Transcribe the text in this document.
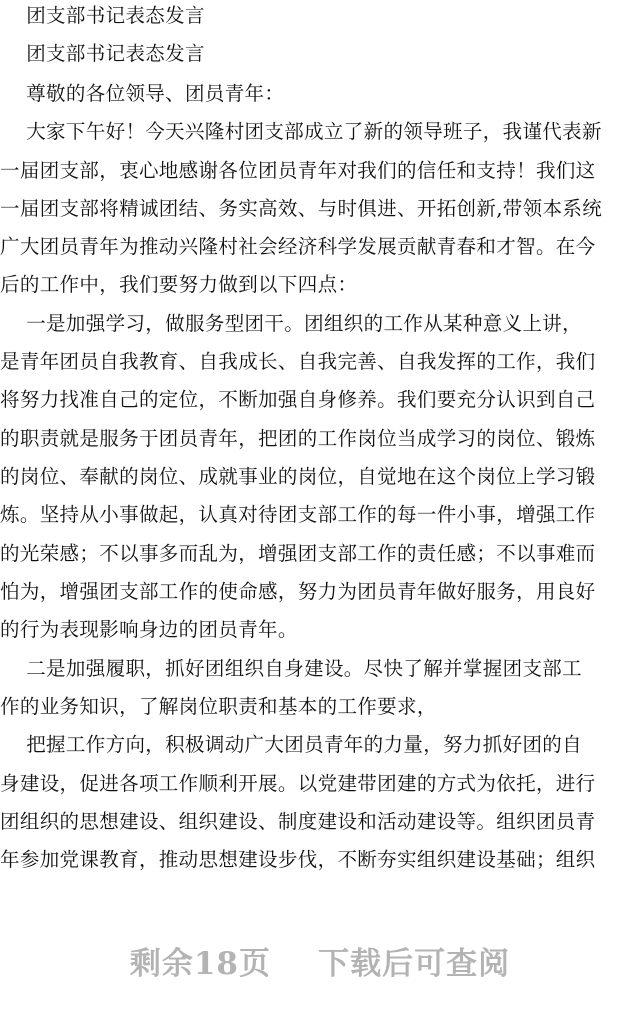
团支部书记表态发言

团支部书记表态发言

尊敬的各位领导、团员青年：

大家下午好！今天兴隆村团支部成立了新的领导班子，我谨代表新

一届团支部，衷心地感谢各位团员青年对我们的信任和支持！我们这

一届团支部将精诚团结、务实高效、与时俱进、开拓创新,带领本系统

广大团员青年为推动兴隆村社会经济科学发展贡献青春和才智。在今

后的工作中，我们要努力做到以下四点：

一是加强学习，做服务型团干。团组织的工作从某种意义上讲，

是青年团员自我教育、自我成长、自我完善、自我发挥的工作，我们

将努力找准自己的定位，不断加强自身修养。我们要充分认识到自己

的职责就是服务于团员青年，把团的工作岗位当成学习的岗位、锻炼

的岗位、奉献的岗位、成就事业的岗位，自觉地在这个岗位上学习锻

炼。坚持从小事做起，认真对待团支部工作的每一件小事，增强工作

的光荣感；不以事多而乱为，增强团支部工作的责任感；不以事难而

怕为，增强团支部工作的使命感，努力为团员青年做好服务，用良好

的行为表现影响身边的团员青年。

二是加强履职，抓好团组织自身建设。尽快了解并掌握团支部工

作的业务知识，了解岗位职责和基本的工作要求，

把握工作方向，积极调动广大团员青年的力量，努力抓好团的自

身建设，促进各项工作顺利开展。以党建带团建的方式为依托，进行

团组织的思想建设、组织建设、制度建设和活动建设等。组织团员青

年参加党课教育，推动思想建设步伐，不断夯实组织建设基础；组织

剩余18页    下载后可查阅
